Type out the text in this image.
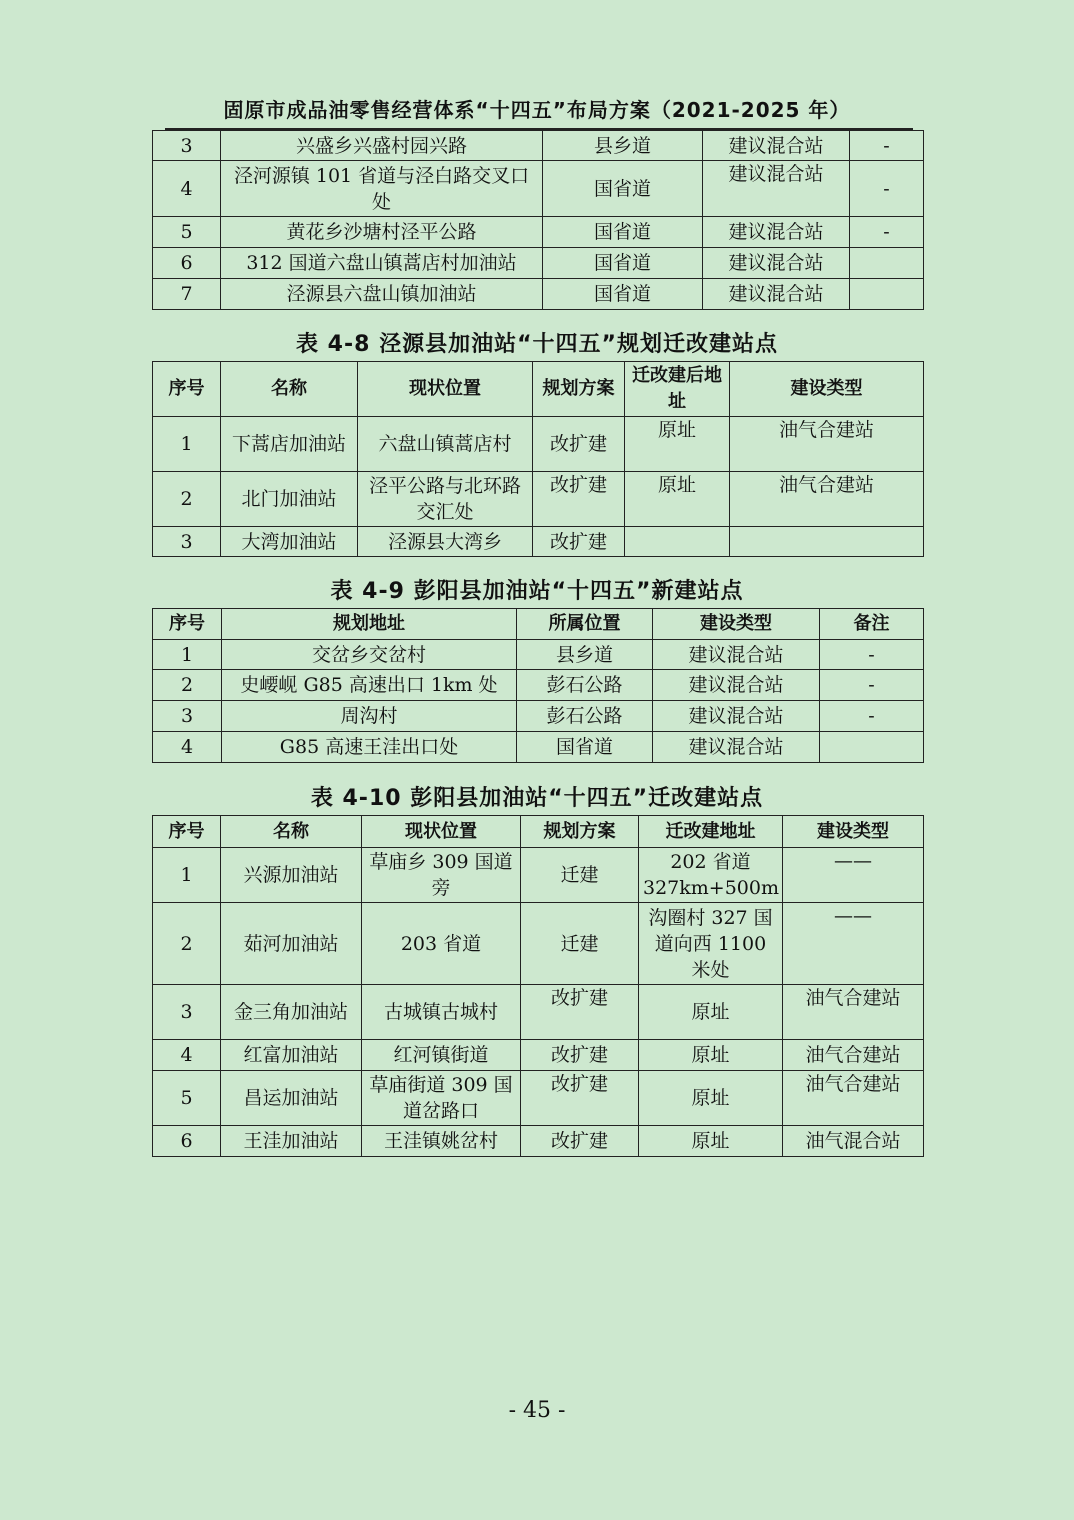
固原市成品油零售经营体系“十四五”布局方案（2021-2025 年）
3	兴盛乡兴盛村园兴路	县乡道	建议混合站	-
4	泾河源镇 101 省道与泾白路交叉口处	国省道	建议混合站	-
5	黄花乡沙塘村泾平公路	国省道	建议混合站	-
6	312 国道六盘山镇蒿店村加油站	国省道	建议混合站	
7	泾源县六盘山镇加油站	国省道	建议混合站	
表 4-8 泾源县加油站“十四五”规划迁改建站点
序号	名称	现状位置	规划方案	迁改建后地址	建设类型
1	下蒿店加油站	六盘山镇蒿店村	改扩建	原址	油气合建站
2	北门加油站	泾平公路与北环路交汇处	改扩建	原址	油气合建站
3	大湾加油站	泾源县大湾乡	改扩建		
表 4-9 彭阳县加油站“十四五”新建站点
序号	规划地址	所属位置	建设类型	备注
1	交岔乡交岔村	县乡道	建议混合站	-
2	史崾岘 G85 高速出口 1km 处	彭石公路	建议混合站	-
3	周沟村	彭石公路	建议混合站	-
4	G85 高速王洼出口处	国省道	建议混合站	
表 4-10 彭阳县加油站“十四五”迁改建站点
序号	名称	现状位置	规划方案	迁改建地址	建设类型
1	兴源加油站	草庙乡 309 国道旁	迁建	202 省道 327km+500m	——
2	茹河加油站	203 省道	迁建	沟圈村 327 国道向西 1100 米处	——
3	金三角加油站	古城镇古城村	改扩建	原址	油气合建站
4	红富加油站	红河镇街道	改扩建	原址	油气合建站
5	昌运加油站	草庙街道 309 国道岔路口	改扩建	原址	油气合建站
6	王洼加油站	王洼镇姚岔村	改扩建	原址	油气混合站
- 45 -
